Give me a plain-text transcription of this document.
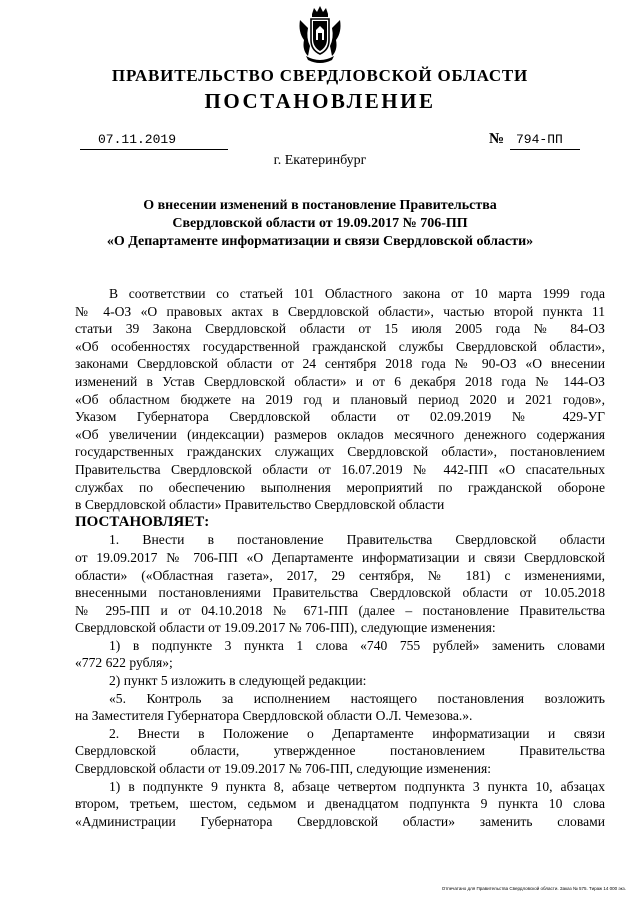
ПРАВИТЕЛЬСТВО СВЕРДЛОВСКОЙ ОБЛАСТИ
ПОСТАНОВЛЕНИЕ
07.11.2019	№ 794-ПП
г. Екатеринбург
О внесении изменений в постановление Правительства
Свердловской области от 19.09.2017 № 706-ПП
«О Департаменте информатизации и связи Свердловской области»
В соответствии со статьей 101 Областного закона от 10 марта 1999 года
№ 4-ОЗ «О правовых актах в Свердловской области», частью второй пункта 11
статьи 39 Закона Свердловской области от 15 июля 2005 года № 84-ОЗ
«Об особенностях государственной гражданской службы Свердловской области»,
законами Свердловской области от 24 сентября 2018 года № 90-ОЗ «О внесении
изменений в Устав Свердловской области» и от 6 декабря 2018 года № 144-ОЗ
«Об областном бюджете на 2019 год и плановый период 2020 и 2021 годов»,
Указом Губернатора Свердловской области от 02.09.2019 № 429-УГ
«Об увеличении (индексации) размеров окладов месячного денежного содержания
государственных гражданских служащих Свердловской области», постановлением
Правительства Свердловской области от 16.07.2019 № 442-ПП «О спасательных
службах по обеспечению выполнения мероприятий по гражданской обороне
в Свердловской области» Правительство Свердловской области
ПОСТАНОВЛЯЕТ:
1. Внести в постановление Правительства Свердловской области
от 19.09.2017 № 706-ПП «О Департаменте информатизации и связи Свердловской
области» («Областная газета», 2017, 29 сентября, № 181) с изменениями,
внесенными постановлениями Правительства Свердловской области от 10.05.2018
№ 295-ПП и от 04.10.2018 № 671-ПП (далее – постановление Правительства
Свердловской области от 19.09.2017 № 706-ПП), следующие изменения:
1) в подпункте 3 пункта 1 слова «740 755 рублей» заменить словами
«772 622 рубля»;
2) пункт 5 изложить в следующей редакции:
«5. Контроль за исполнением настоящего постановления возложить
на Заместителя Губернатора Свердловской области О.Л. Чемезова.».
2. Внести в Положение о Департаменте информатизации и связи
Свердловской области, утвержденное постановлением Правительства
Свердловской области от 19.09.2017 № 706-ПП, следующие изменения:
1) в подпункте 9 пункта 8, абзаце четвертом подпункта 3 пункта 10, абзацах
втором, третьем, шестом, седьмом и двенадцатом подпункта 9 пункта 10 слова
«Администрации Губернатора Свердловской области» заменить словами
Отпечатано для Правительства Свердловской области. Заказ № 575. Тираж 14 000 экз.
